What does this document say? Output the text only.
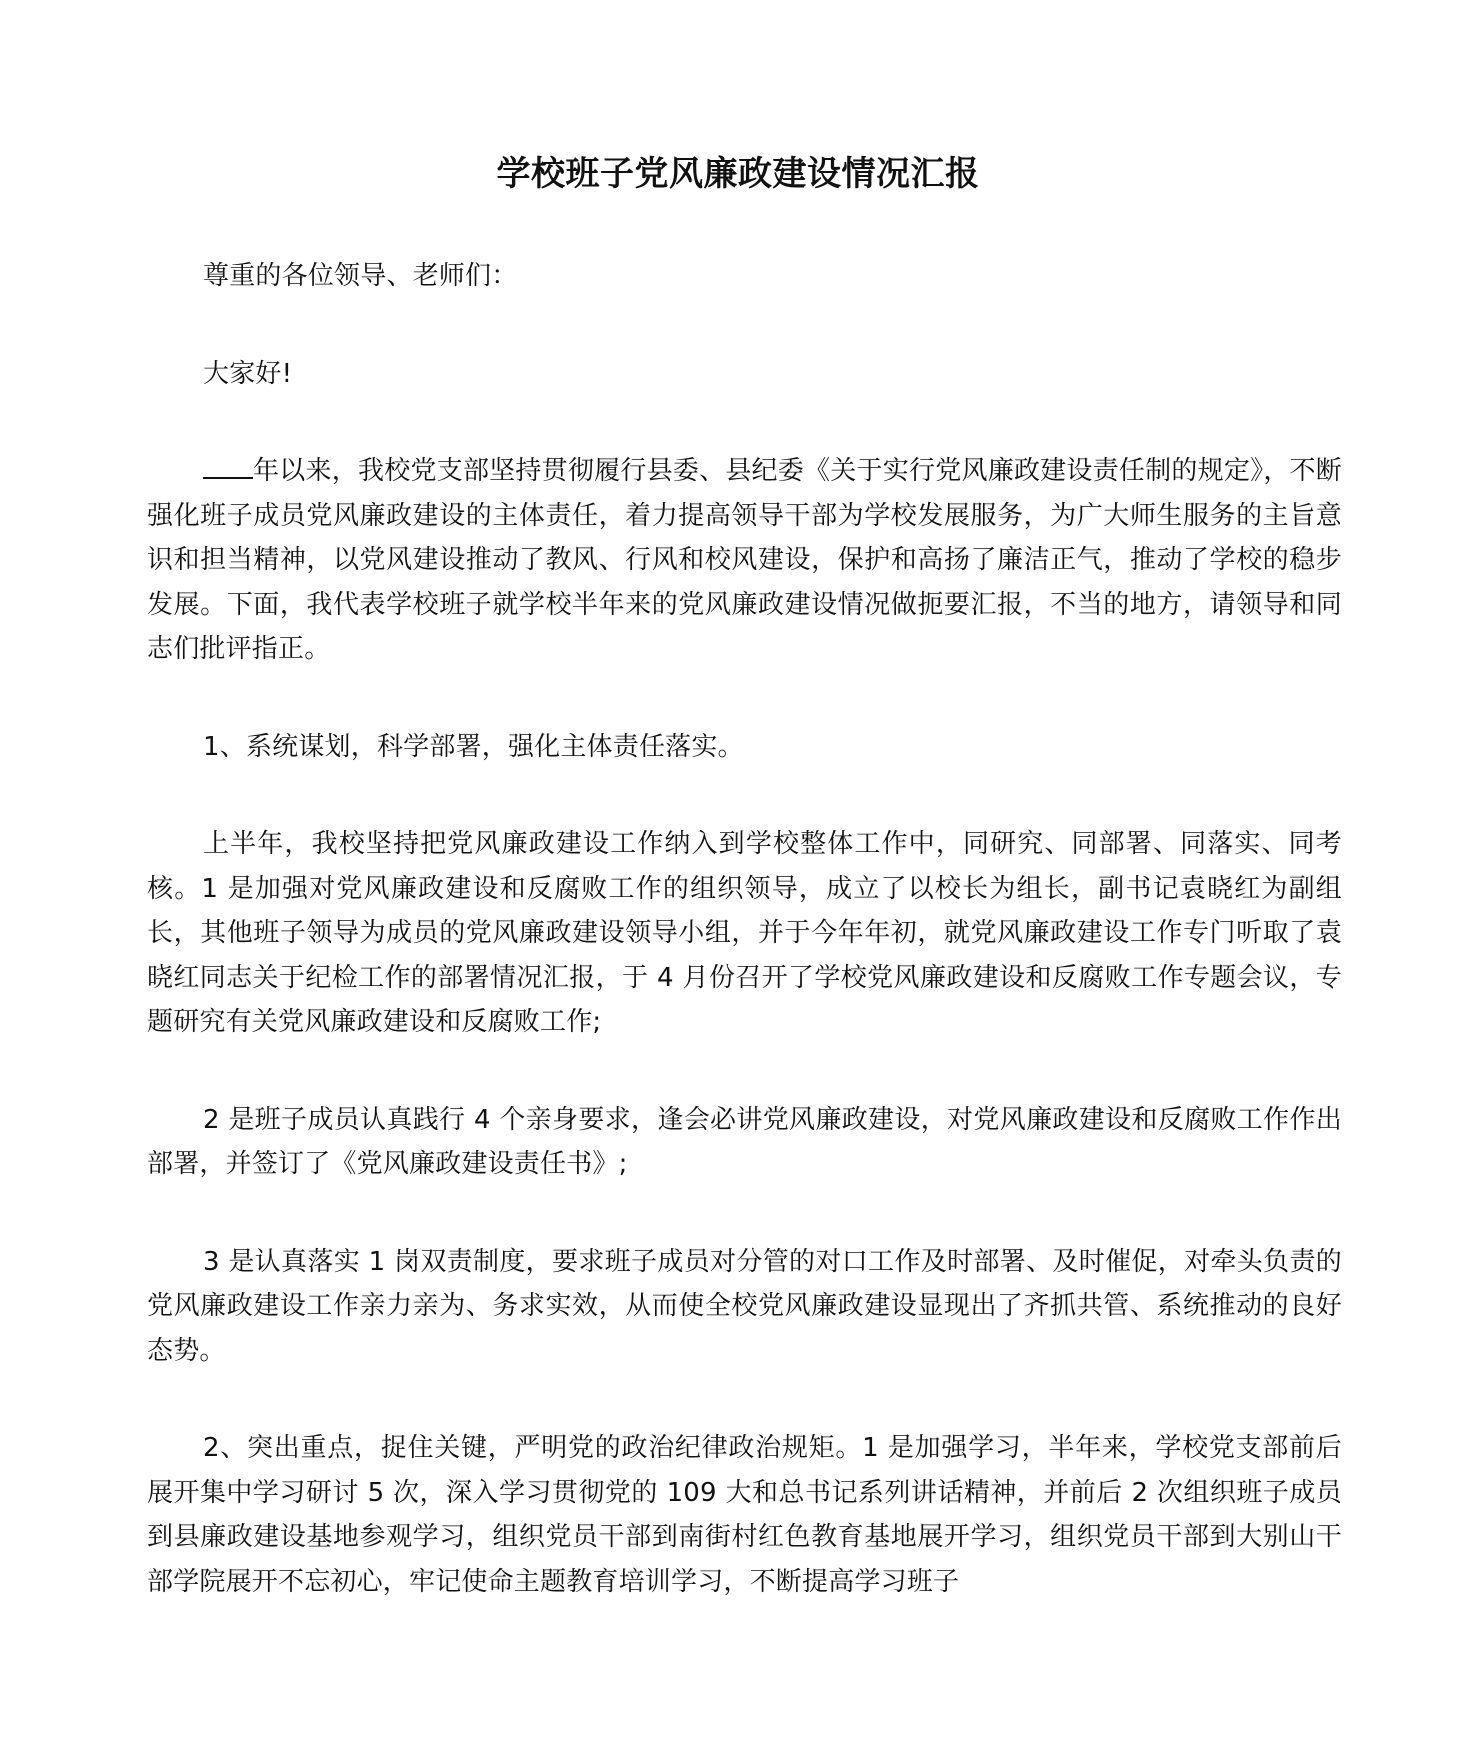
学校班子党风廉政建设情况汇报

尊重的各位领导、老师们：

大家好!

年以来，我校党支部坚持贯彻履行县委、县纪委《关于实行党风廉政建设责任制的规定》，不断强化班子成员党风廉政建设的主体责任，着力提高领导干部为学校发展服务，为广大师生服务的主旨意识和担当精神，以党风建设推动了教风、行风和校风建设，保护和高扬了廉洁正气，推动了学校的稳步发展。下面，我代表学校班子就学校半年来的党风廉政建设情况做扼要汇报，不当的地方，请领导和同志们批评指正。

1、系统谋划，科学部署，强化主体责任落实。

上半年，我校坚持把党风廉政建设工作纳入到学校整体工作中，同研究、同部署、同落实、同考核。1 是加强对党风廉政建设和反腐败工作的组织领导，成立了以校长为组长，副书记袁晓红为副组长，其他班子领导为成员的党风廉政建设领导小组，并于今年年初，就党风廉政建设工作专门听取了袁晓红同志关于纪检工作的部署情况汇报，于 4 月份召开了学校党风廉政建设和反腐败工作专题会议，专题研究有关党风廉政建设和反腐败工作;

2 是班子成员认真践行 4 个亲身要求，逢会必讲党风廉政建设，对党风廉政建设和反腐败工作作出部署，并签订了《党风廉政建设责任书》;

3 是认真落实 1 岗双责制度，要求班子成员对分管的对口工作及时部署、及时催促，对牵头负责的党风廉政建设工作亲力亲为、务求实效，从而使全校党风廉政建设显现出了齐抓共管、系统推动的良好态势。

2、突出重点，捉住关键，严明党的政治纪律政治规矩。1 是加强学习，半年来，学校党支部前后展开集中学习研讨 5 次，深入学习贯彻党的 109 大和总书记系列讲话精神，并前后 2 次组织班子成员到县廉政建设基地参观学习，组织党员干部到南街村红色教育基地展开学习，组织党员干部到大别山干部学院展开不忘初心，牢记使命主题教育培训学习，不断提高学习班子
